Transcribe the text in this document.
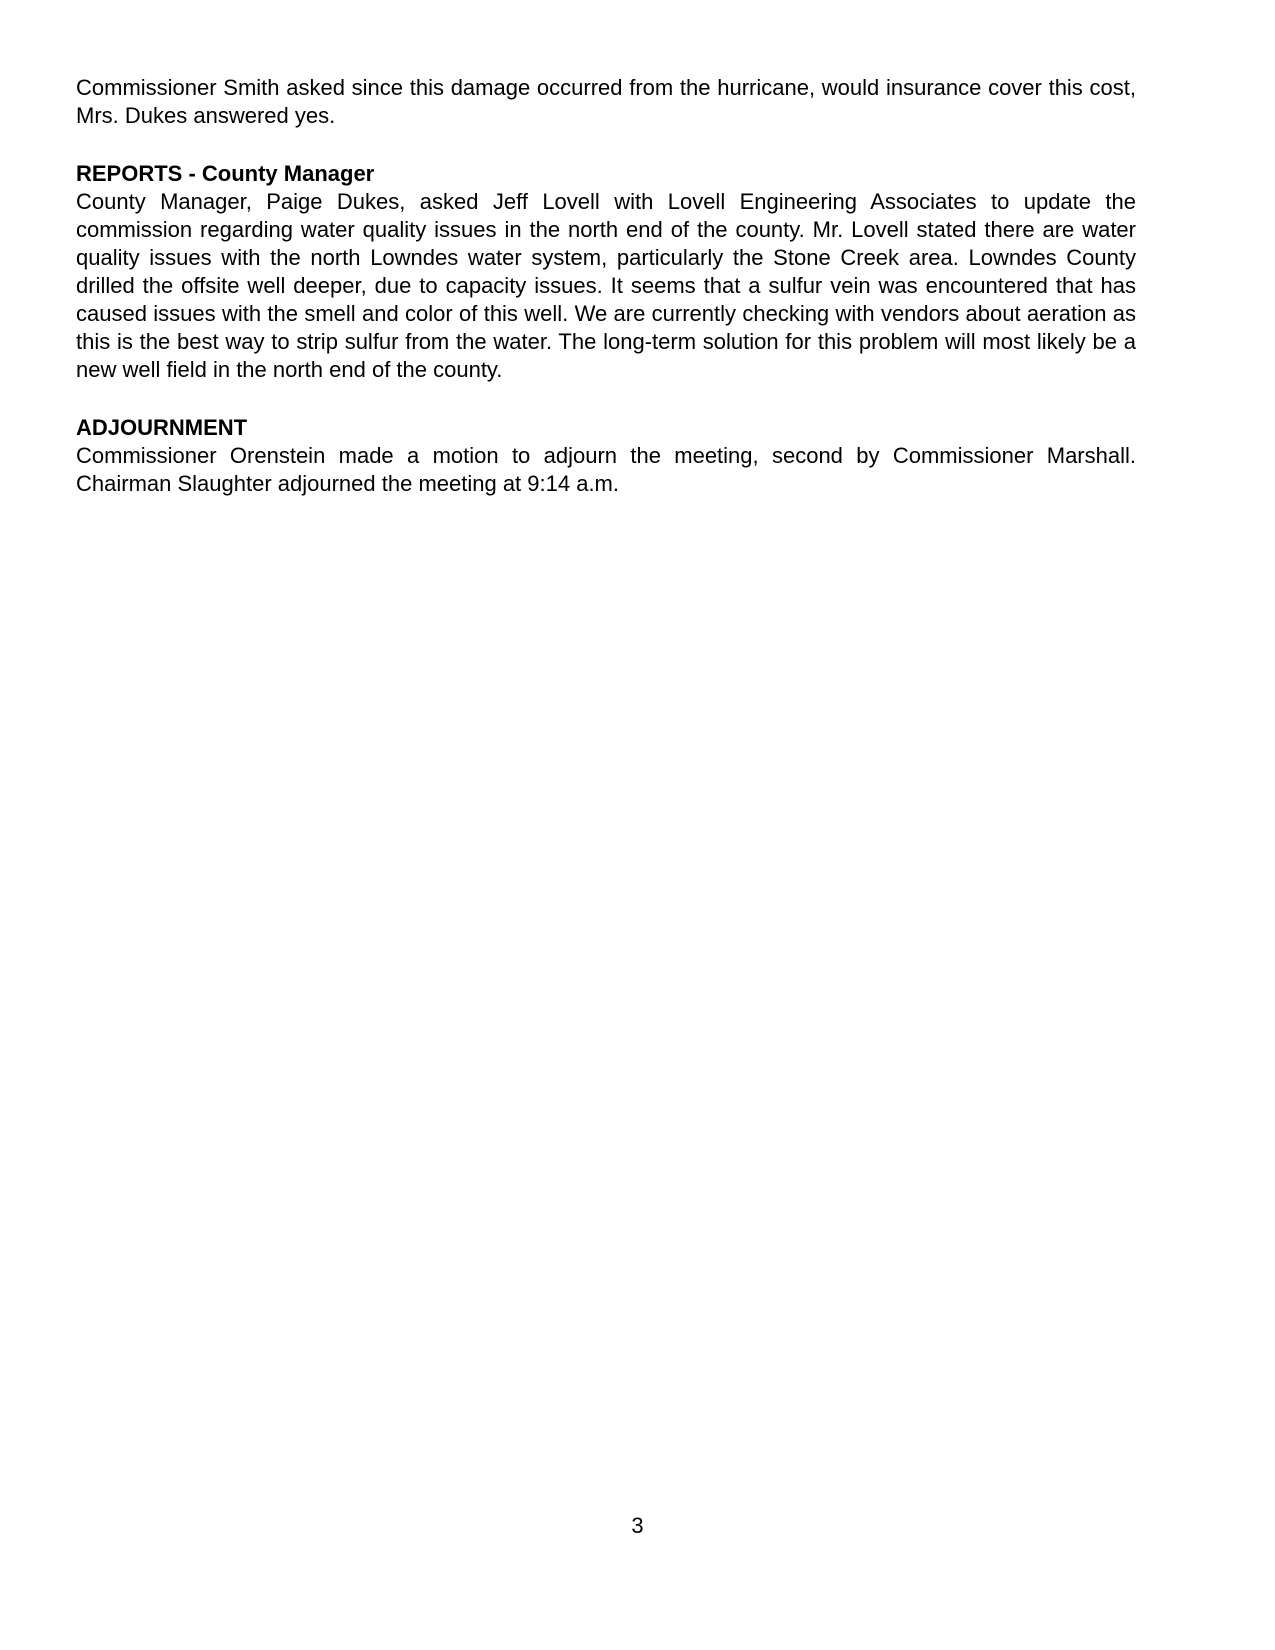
Commissioner Smith asked since this damage occurred from the hurricane, would insurance cover this cost, Mrs. Dukes answered yes.

REPORTS - County Manager

County Manager, Paige Dukes, asked Jeff Lovell with Lovell Engineering Associates to update the commission regarding water quality issues in the north end of the county. Mr. Lovell stated there are water quality issues with the north Lowndes water system, particularly the Stone Creek area. Lowndes County drilled the offsite well deeper, due to capacity issues. It seems that a sulfur vein was encountered that has caused issues with the smell and color of this well. We are currently checking with vendors about aeration as this is the best way to strip sulfur from the water. The long-term solution for this problem will most likely be a new well field in the north end of the county.

ADJOURNMENT

Commissioner Orenstein made a motion to adjourn the meeting, second by Commissioner Marshall. Chairman Slaughter adjourned the meeting at 9:14 a.m.

3
